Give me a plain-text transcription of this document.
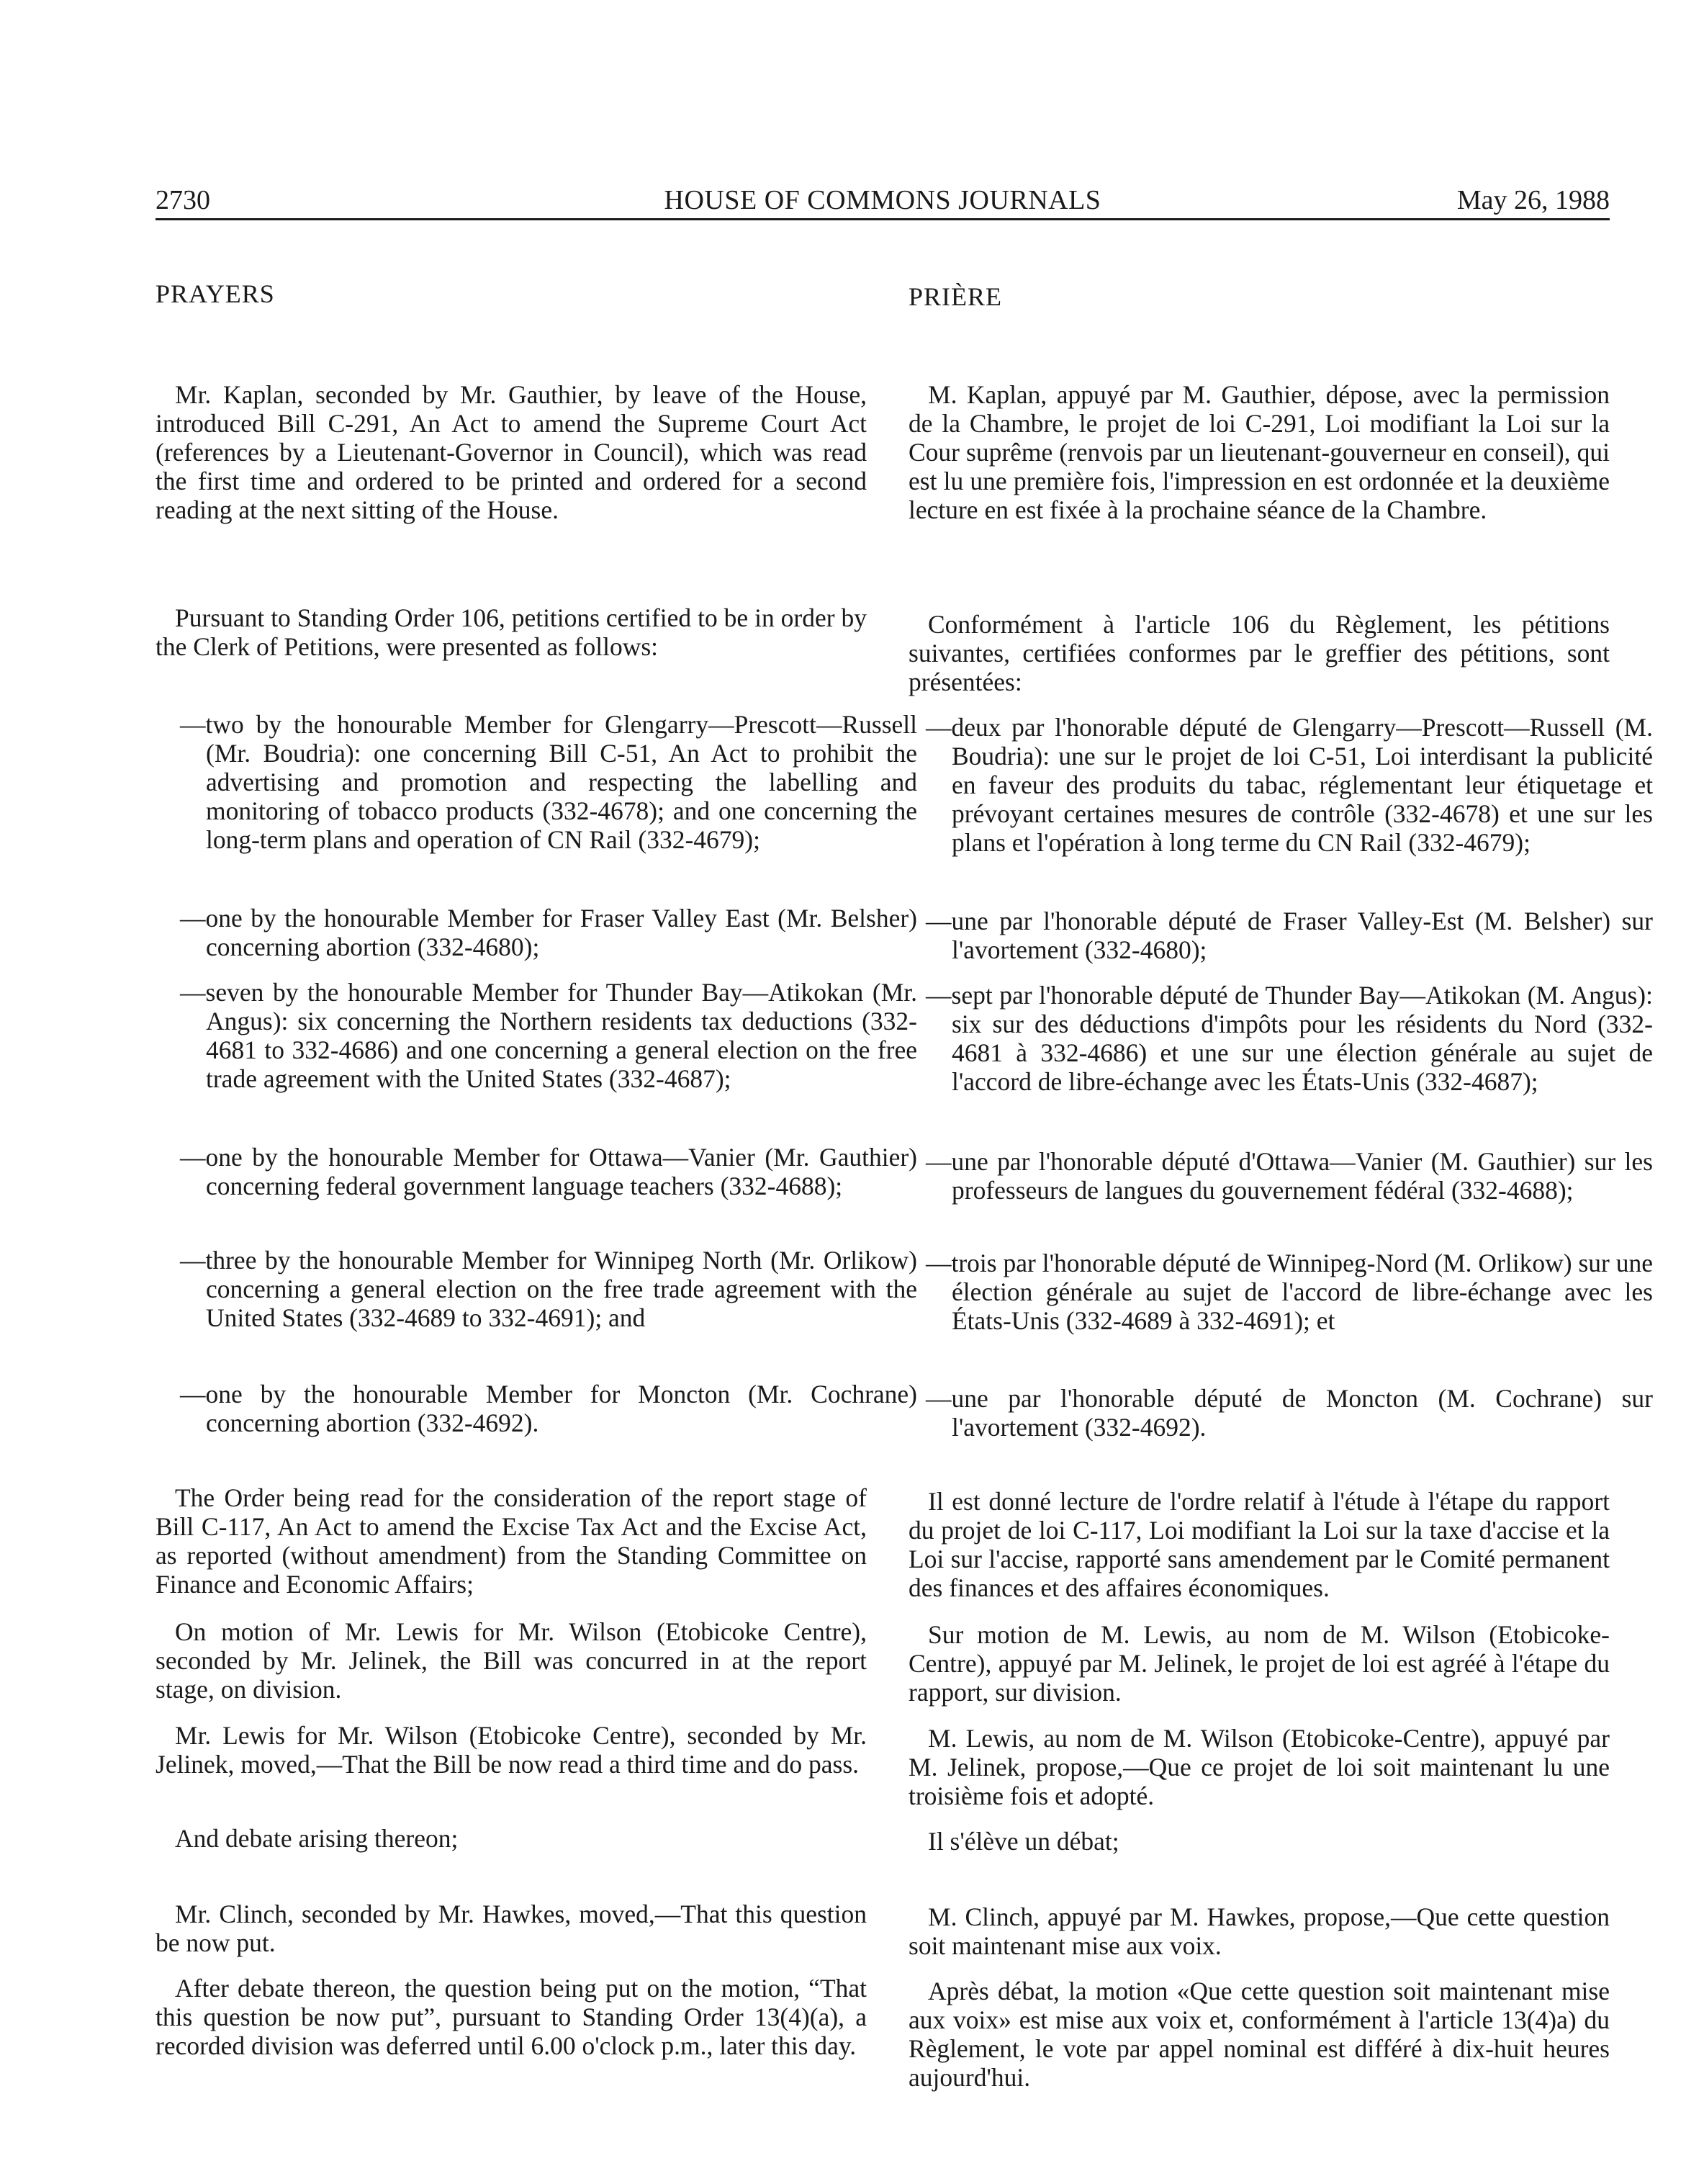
2730	HOUSE OF COMMONS JOURNALS	May 26, 1988
PRAYERS

Mr. Kaplan, seconded by Mr. Gauthier, by leave of the House, introduced Bill C-291, An Act to amend the Supreme Court Act (references by a Lieutenant-Governor in Council), which was read the first time and ordered to be printed and ordered for a second reading at the next sitting of the House.

Pursuant to Standing Order 106, petitions certified to be in order by the Clerk of Petitions, were presented as follows:

—two by the honourable Member for Glengarry—Prescott—Russell (Mr. Boudria): one concerning Bill C-51, An Act to prohibit the advertising and promotion and respecting the labelling and monitoring of tobacco products (332-4678); and one concerning the long-term plans and operation of CN Rail (332-4679);

—one by the honourable Member for Fraser Valley East (Mr. Belsher) concerning abortion (332-4680);

—seven by the honourable Member for Thunder Bay—Atikokan (Mr. Angus): six concerning the Northern residents tax deductions (332-4681 to 332-4686) and one concerning a general election on the free trade agreement with the United States (332-4687);

—one by the honourable Member for Ottawa—Vanier (Mr. Gauthier) concerning federal government language teachers (332-4688);

—three by the honourable Member for Winnipeg North (Mr. Orlikow) concerning a general election on the free trade agreement with the United States (332-4689 to 332-4691); and

—one by the honourable Member for Moncton (Mr. Cochrane) concerning abortion (332-4692).

The Order being read for the consideration of the report stage of Bill C-117, An Act to amend the Excise Tax Act and the Excise Act, as reported (without amendment) from the Standing Committee on Finance and Economic Affairs;

On motion of Mr. Lewis for Mr. Wilson (Etobicoke Centre), seconded by Mr. Jelinek, the Bill was concurred in at the report stage, on division.

Mr. Lewis for Mr. Wilson (Etobicoke Centre), seconded by Mr. Jelinek, moved,—That the Bill be now read a third time and do pass.

And debate arising thereon;

Mr. Clinch, seconded by Mr. Hawkes, moved,—That this question be now put.

After debate thereon, the question being put on the motion, “That this question be now put”, pursuant to Standing Order 13(4)(a), a recorded division was deferred until 6.00 o'clock p.m., later this day.

PRIÈRE

M. Kaplan, appuyé par M. Gauthier, dépose, avec la permission de la Chambre, le projet de loi C-291, Loi modifiant la Loi sur la Cour suprême (renvois par un lieutenant-gouverneur en conseil), qui est lu une première fois, l'impression en est ordonnée et la deuxième lecture en est fixée à la prochaine séance de la Chambre.

Conformément à l'article 106 du Règlement, les pétitions suivantes, certifiées conformes par le greffier des pétitions, sont présentées:

—deux par l'honorable député de Glengarry—Prescott—Russell (M. Boudria): une sur le projet de loi C-51, Loi interdisant la publicité en faveur des produits du tabac, réglementant leur étiquetage et prévoyant certaines mesures de contrôle (332-4678) et une sur les plans et l'opération à long terme du CN Rail (332-4679);

—une par l'honorable député de Fraser Valley-Est (M. Belsher) sur l'avortement (332-4680);

—sept par l'honorable député de Thunder Bay—Atikokan (M. Angus): six sur des déductions d'impôts pour les résidents du Nord (332-4681 à 332-4686) et une sur une élection générale au sujet de l'accord de libre-échange avec les États-Unis (332-4687);

—une par l'honorable député d'Ottawa—Vanier (M. Gauthier) sur les professeurs de langues du gouvernement fédéral (332-4688);

—trois par l'honorable député de Winnipeg-Nord (M. Orlikow) sur une élection générale au sujet de l'accord de libre-échange avec les États-Unis (332-4689 à 332-4691); et

—une par l'honorable député de Moncton (M. Cochrane) sur l'avortement (332-4692).

Il est donné lecture de l'ordre relatif à l'étude à l'étape du rapport du projet de loi C-117, Loi modifiant la Loi sur la taxe d'accise et la Loi sur l'accise, rapporté sans amendement par le Comité permanent des finances et des affaires économiques.

Sur motion de M. Lewis, au nom de M. Wilson (Etobicoke-Centre), appuyé par M. Jelinek, le projet de loi est agréé à l'étape du rapport, sur division.

M. Lewis, au nom de M. Wilson (Etobicoke-Centre), appuyé par M. Jelinek, propose,—Que ce projet de loi soit maintenant lu une troisième fois et adopté.

Il s'élève un débat;

M. Clinch, appuyé par M. Hawkes, propose,—Que cette question soit maintenant mise aux voix.

Après débat, la motion «Que cette question soit maintenant mise aux voix» est mise aux voix et, conformément à l'article 13(4)a) du Règlement, le vote par appel nominal est différé à dix-huit heures aujourd'hui.
